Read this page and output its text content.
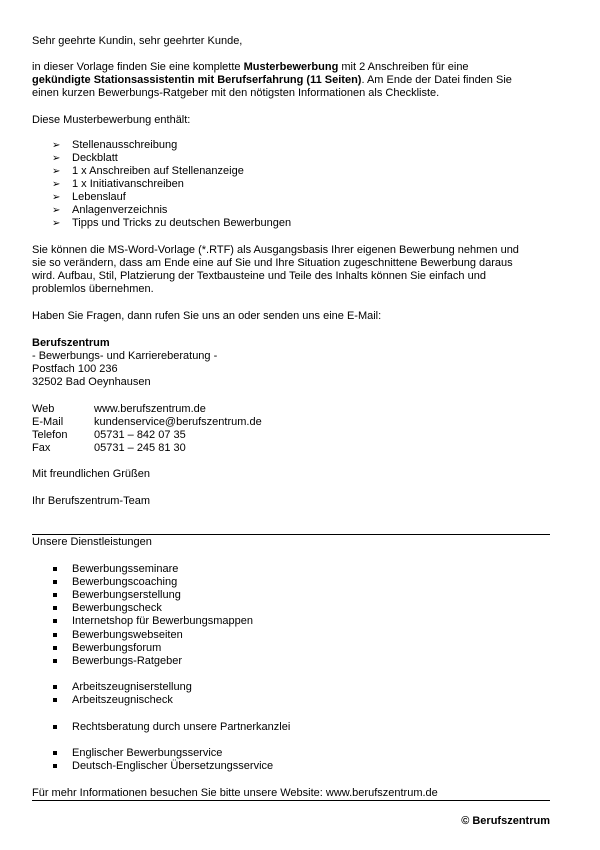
Sehr geehrte Kundin, sehr geehrter Kunde,
in dieser Vorlage finden Sie eine komplette Musterbewerbung mit 2 Anschreiben für eine
gekündigte Stationsassistentin mit Berufserfahrung (11 Seiten). Am Ende der Datei finden Sie
einen kurzen Bewerbungs-Ratgeber mit den nötigsten Informationen als Checkliste.
Diese Musterbewerbung enthält:
➢ Stellenausschreibung
➢ Deckblatt
➢ 1 x Anschreiben auf Stellenanzeige
➢ 1 x Initiativanschreiben
➢ Lebenslauf
➢ Anlagenverzeichnis
➢ Tipps und Tricks zu deutschen Bewerbungen
Sie können die MS-Word-Vorlage (*.RTF) als Ausgangsbasis Ihrer eigenen Bewerbung nehmen und
sie so verändern, dass am Ende eine auf Sie und Ihre Situation zugeschnittene Bewerbung daraus
wird. Aufbau, Stil, Platzierung der Textbausteine und Teile des Inhalts können Sie einfach und
problemlos übernehmen.
Haben Sie Fragen, dann rufen Sie uns an oder senden uns eine E-Mail:
Berufszentrum
- Bewerbungs- und Karriereberatung -
Postfach 100 236
32502 Bad Oeynhausen
Web	www.berufszentrum.de
E-Mail	kundenservice@berufszentrum.de
Telefon 05731 – 842 07 35
Fax	05731 – 245 81 30
Mit freundlichen Grüßen
Ihr Berufszentrum-Team
Unsere Dienstleistungen
Bewerbungsseminare
Bewerbungscoaching
Bewerbungserstellung
Bewerbungscheck
Internetshop für Bewerbungsmappen
Bewerbungswebseiten
Bewerbungsforum
Bewerbungs-Ratgeber
Arbeitszeugniserstellung
Arbeitszeugnischeck
Rechtsberatung durch unsere Partnerkanzlei
Englischer Bewerbungsservice
Deutsch-Englischer Übersetzungsservice
Für mehr Informationen besuchen Sie bitte unsere Website: www.berufszentrum.de
© Berufszentrum
